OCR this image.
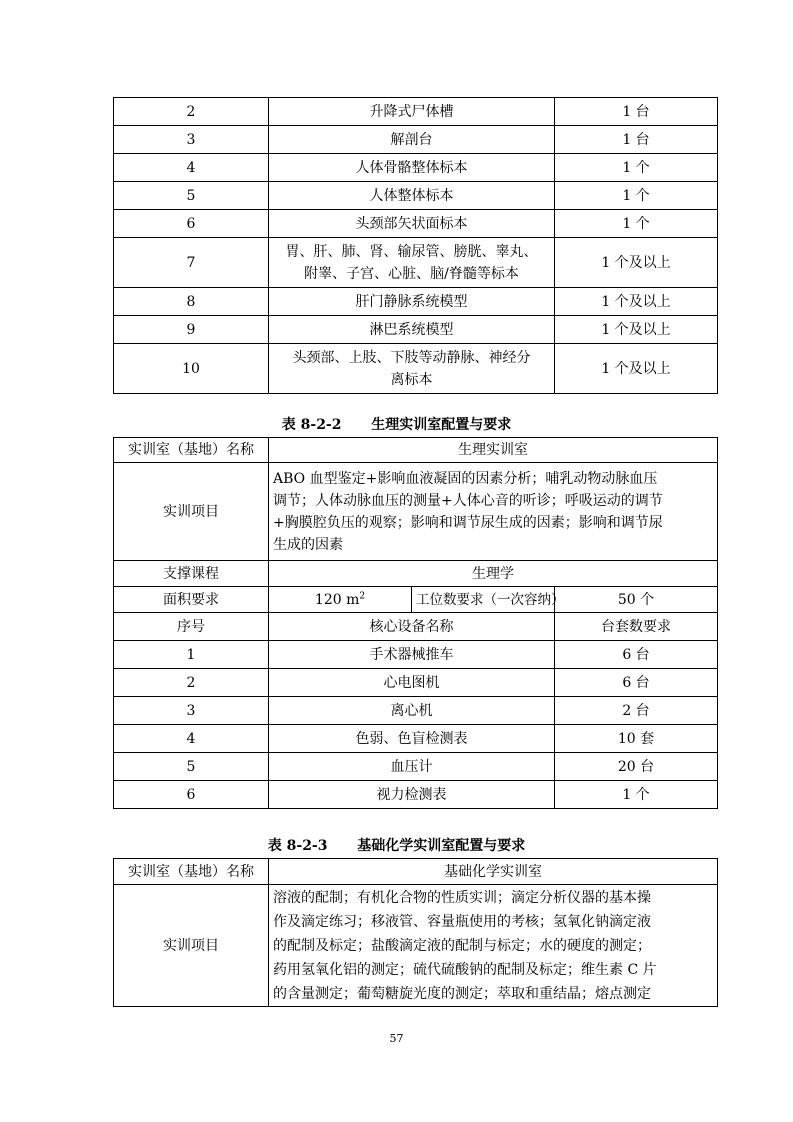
2	升降式尸体槽	1 台
3	解剖台	1 台
4	人体骨骼整体标本	1 个
5	人体整体标本	1 个
6	头颈部矢状面标本	1 个
7	胃、肝、肺、肾、输尿管、膀胱、睾丸、
附睾、子宫、心脏、脑/脊髓等标本	1 个及以上
8	肝门静脉系统模型	1 个及以上
9	淋巴系统模型	1 个及以上
10	头颈部、上肢、下肢等动静脉、神经分
离标本	1 个及以上
表 8-2-2 生理实训室配置与要求
实训室（基地）名称	生理实训室		
实训项目	ABO 血型鉴定+影响血液凝固的因素分析；哺乳动物动脉血压
调节；人体动脉血压的测量+人体心音的听诊；呼吸运动的调节
+胸膜腔负压的观察；影响和调节尿生成的因素；影响和调节尿
生成的因素		

支撑课程	生理学		
面积要求	120 $m^2$	工位数要求（一次容纳）	50 个
序号	核心设备名称		台套数要求
1	手术器械推车		6 台
2	心电图机		6 台
3	离心机		2 台
4	色弱、色盲检测表		10 套
5	血压计		20 台
6	视力检测表		1 个
表 8-2-3 基础化学实训室配置与要求
实训室（基地）名称	基础化学实训室
实训项目	溶液的配制；有机化合物的性质实训；滴定分析仪器的基本操
作及滴定练习；移液管、容量瓶使用的考核；氢氧化钠滴定液
的配制及标定；盐酸滴定液的配制与标定；水的硬度的测定；
药用氢氧化铝的测定；硫代硫酸钠的配制及标定；维生素 C 片
的含量测定；葡萄糖旋光度的测定；萃取和重结晶；熔点测定
57
